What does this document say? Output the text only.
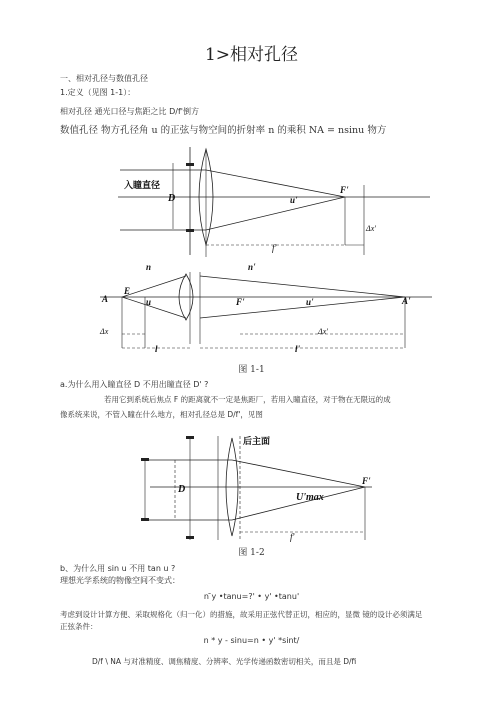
1>相对孔径
一、相对孔径与数值孔径
1.定义（见图 1-1）：
相对孔径 通光口径与焦距之比 D/f'倒方
数值孔径 物方孔径角 u 的正弦与物空间的折射率 n 的乘积 NA = nsinu 物方
入瞳直径
D	u'
F'
f'
Δx'
n	n'
A
E
u	F'	u'	A'
Δx	Δx'
l	l'
图 1-1
a.为什么用入瞳直径 D 不用出瞳直径 D' ?
若用它到系统后焦点 F 的距离就不一定是焦距厂，若用入瞳直径，对于物在无限远的成
像系统来说，不管入瞳在什么地方，相对孔径总是 D/f'，见图
后主面
D
U'max
F'
f'
图 1-2
b、为什么用 sin u 不用 tan u ?
理想光学系统的物像空间不变式：
n ̄y •tanu=?' • y' •tanu'
考虑到设计计算方便、采取规格化（归一化）的措施，故采用正弦代替正切，相应的，显微 镜的设计必须满足
正弦条件：
n * y - sinu=n • y' *sint/
D/f \ NA 与对准精度、调焦精度、分辨率、光学传递函数密切相关，而且是 D/fi
